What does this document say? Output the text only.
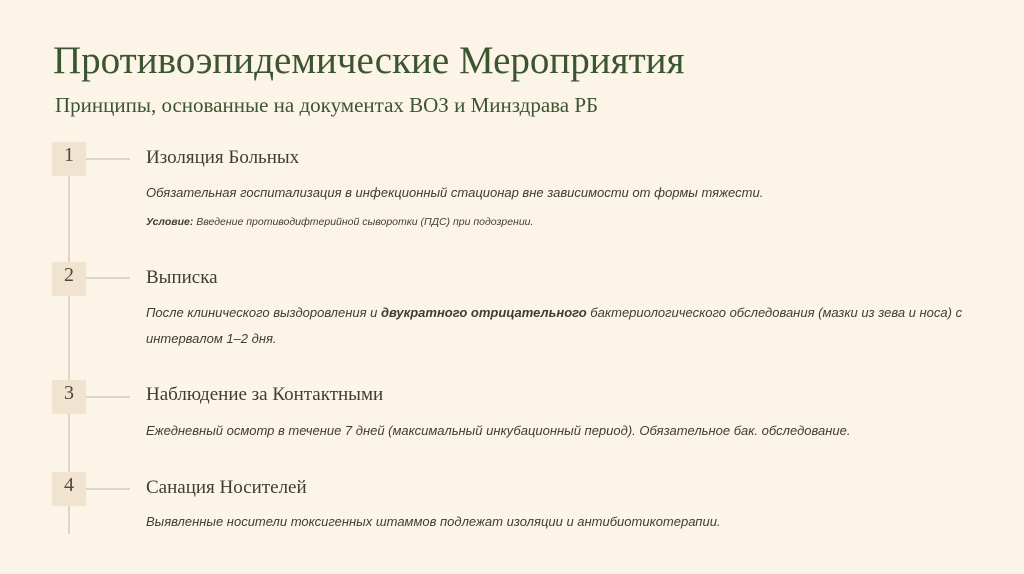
Противоэпидемические Мероприятия
Принципы, основанные на документах ВОЗ и Минздрава РБ
1	Изоляция Больных
Обязательная госпитализация в инфекционный стационар вне зависимости от формы тяжести.
Условие: Введение противодифтерийной сыворотки (ПДС) при подозрении.
2	Выписка
После клинического выздоровления и двукратного отрицательного бактериологического обследования (мазки из зева и носа) с интервалом 1–2 дня.
3	Наблюдение за Контактными
Ежедневный осмотр в течение 7 дней (максимальный инкубационный период). Обязательное бак. обследование.
4	Санация Носителей
Выявленные носители токсигенных штаммов подлежат изоляции и антибиотикотерапии.
